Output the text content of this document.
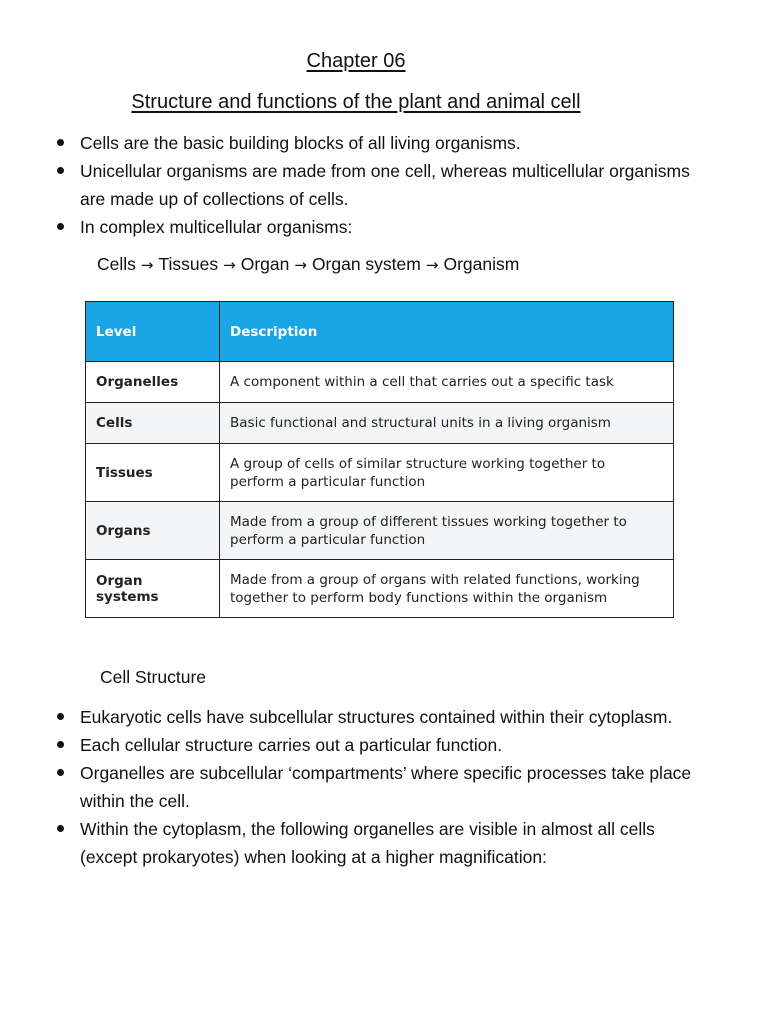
Chapter 06
Structure and functions of the plant and animal cell
Cells are the basic building blocks of all living organisms.
Unicellular organisms are made from one cell, whereas multicellular organisms are made up of collections of cells.
In complex multicellular organisms:
Cells → Tissues → Organ → Organ system → Organism
Level	Description
Organelles	A component within a cell that carries out a specific task
Cells	Basic functional and structural units in a living organism
Tissues	A group of cells of similar structure working together to perform a particular function
Organs	Made from a group of different tissues working together to perform a particular function
Organ systems	Made from a group of organs with related functions, working together to perform body functions within the organism
Cell Structure
Eukaryotic cells have subcellular structures contained within their cytoplasm.
Each cellular structure carries out a particular function.
Organelles are subcellular ‘compartments’ where specific processes take place within the cell.
Within the cytoplasm, the following organelles are visible in almost all cells (except prokaryotes) when looking at a higher magnification:
